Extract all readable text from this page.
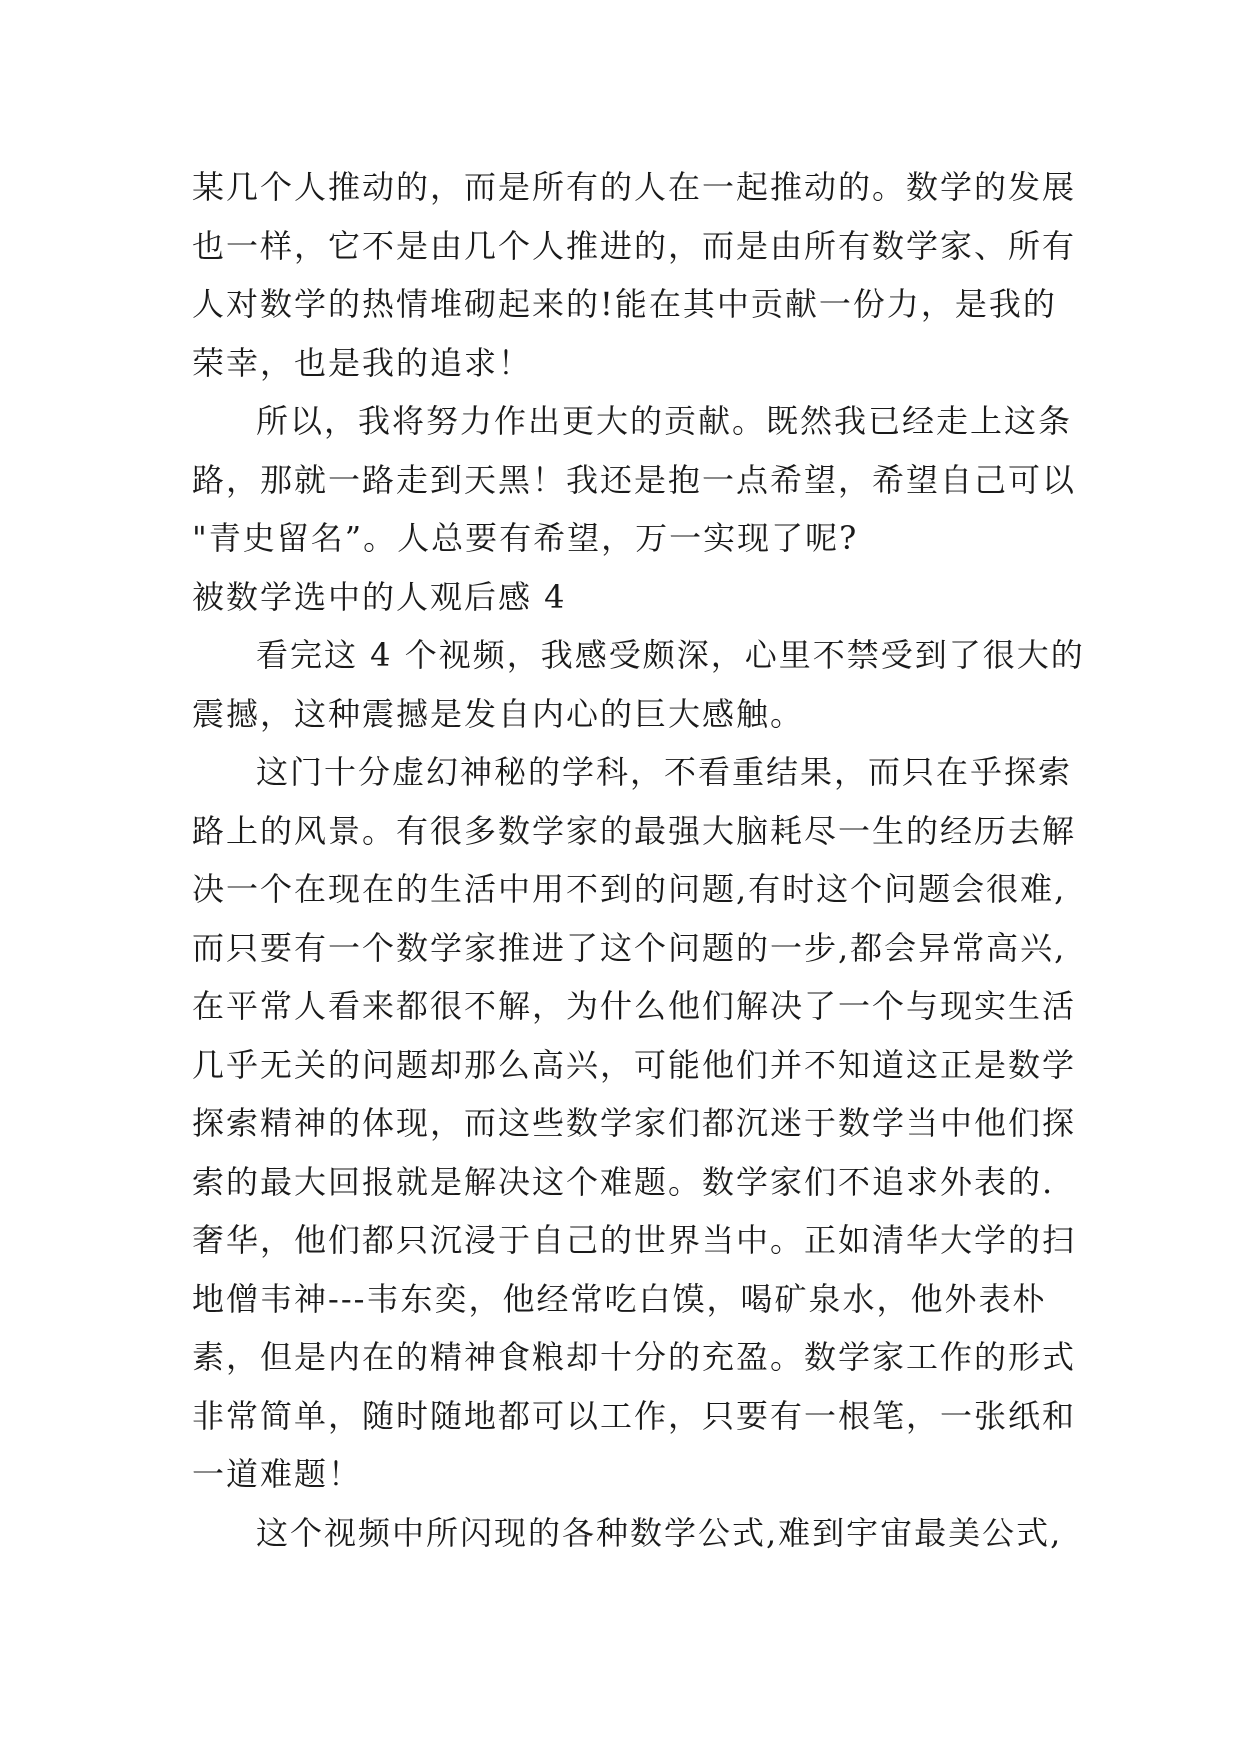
某几个人推动的，而是所有的人在一起推动的。数学的发展
也一样，它不是由几个人推进的，而是由所有数学家、所有
人对数学的热情堆砌起来的!能在其中贡献一份力，是我的
荣幸，也是我的追求！
所以，我将努力作出更大的贡献。既然我已经走上这条
路，那就一路走到天黑！我还是抱一点希望，希望自己可以
"青史留名”。人总要有希望，万一实现了呢?
被数学选中的人观后感 4
看完这 4 个视频，我感受颇深，心里不禁受到了很大的
震撼，这种震撼是发自内心的巨大感触。
这门十分虚幻神秘的学科，不看重结果，而只在乎探索
路上的风景。有很多数学家的最强大脑耗尽一生的经历去解
决一个在现在的生活中用不到的问题,有时这个问题会很难,
而只要有一个数学家推进了这个问题的一步,都会异常高兴,
在平常人看来都很不解，为什么他们解决了一个与现实生活
几乎无关的问题却那么高兴，可能他们并不知道这正是数学
探索精神的体现，而这些数学家们都沉迷于数学当中他们探
索的最大回报就是解决这个难题。数学家们不追求外表的.
奢华，他们都只沉浸于自己的世界当中。正如清华大学的扫
地僧韦神---韦东奕，他经常吃白馍，喝矿泉水，他外表朴
素，但是内在的精神食粮却十分的充盈。数学家工作的形式
非常简单，随时随地都可以工作，只要有一根笔，一张纸和
一道难题！
这个视频中所闪现的各种数学公式,难到宇宙最美公式,
